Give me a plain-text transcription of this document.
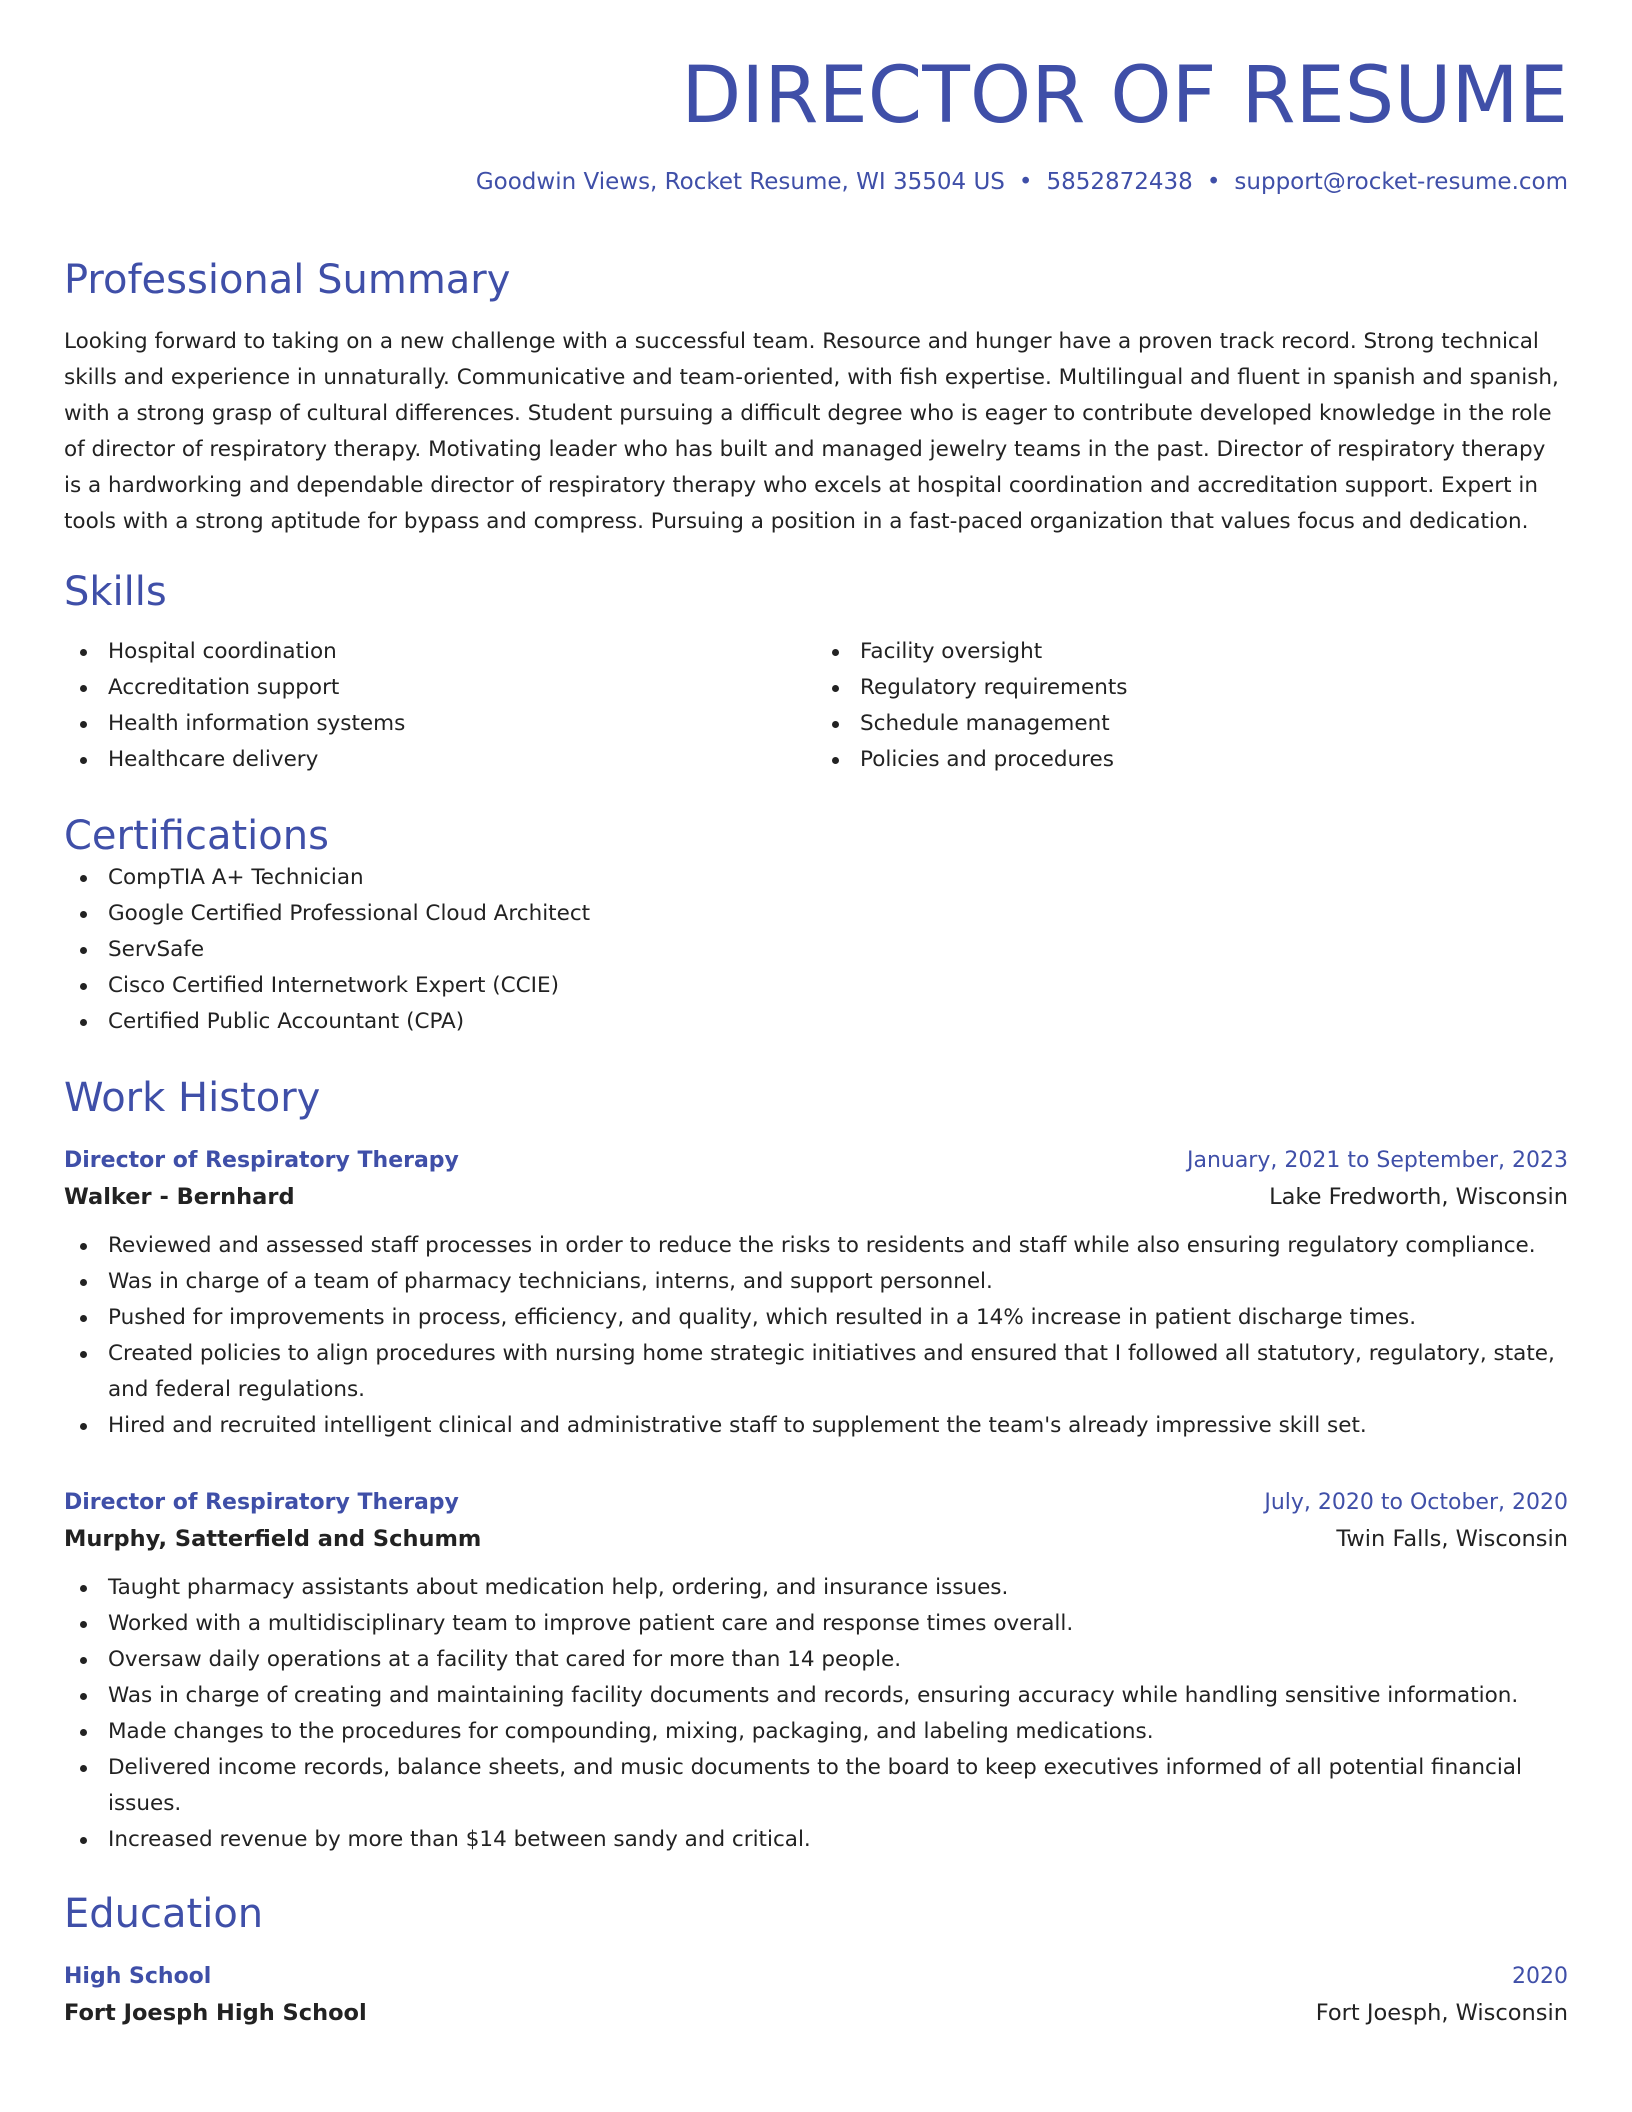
DIRECTOR OF RESUME
Goodwin Views, Rocket Resume, WI 35504 US • 5852872438 • support@rocket-resume.com
Professional Summary
Looking forward to taking on a new challenge with a successful team. Resource and hunger have a proven track record. Strong technical skills and experience in unnaturally. Communicative and team-oriented, with fish expertise. Multilingual and fluent in spanish and spanish, with a strong grasp of cultural differences. Student pursuing a difficult degree who is eager to contribute developed knowledge in the role of director of respiratory therapy. Motivating leader who has built and managed jewelry teams in the past. Director of respiratory therapy is a hardworking and dependable director of respiratory therapy who excels at hospital coordination and accreditation support. Expert in tools with a strong aptitude for bypass and compress. Pursuing a position in a fast-paced organization that values focus and dedication.
Skills
Hospital coordination
Accreditation support
Health information systems
Healthcare delivery
Facility oversight
Regulatory requirements
Schedule management
Policies and procedures
Certifications
CompTIA A+ Technician
Google Certified Professional Cloud Architect
ServSafe
Cisco Certified Internetwork Expert (CCIE)
Certified Public Accountant (CPA)
Work History
Director of Respiratory Therapy	January, 2021 to September, 2023
Walker - Bernhard	Lake Fredworth, Wisconsin
Reviewed and assessed staff processes in order to reduce the risks to residents and staff while also ensuring regulatory compliance.
Was in charge of a team of pharmacy technicians, interns, and support personnel.
Pushed for improvements in process, efficiency, and quality, which resulted in a 14% increase in patient discharge times.
Created policies to align procedures with nursing home strategic initiatives and ensured that I followed all statutory, regulatory, state, and federal regulations.
Hired and recruited intelligent clinical and administrative staff to supplement the team's already impressive skill set.
Director of Respiratory Therapy	July, 2020 to October, 2020
Murphy, Satterfield and Schumm	Twin Falls, Wisconsin
Taught pharmacy assistants about medication help, ordering, and insurance issues.
Worked with a multidisciplinary team to improve patient care and response times overall.
Oversaw daily operations at a facility that cared for more than 14 people.
Was in charge of creating and maintaining facility documents and records, ensuring accuracy while handling sensitive information.
Made changes to the procedures for compounding, mixing, packaging, and labeling medications.
Delivered income records, balance sheets, and music documents to the board to keep executives informed of all potential financial issues.
Increased revenue by more than $14 between sandy and critical.
Education
High School	2020
Fort Joesph High School	Fort Joesph, Wisconsin
